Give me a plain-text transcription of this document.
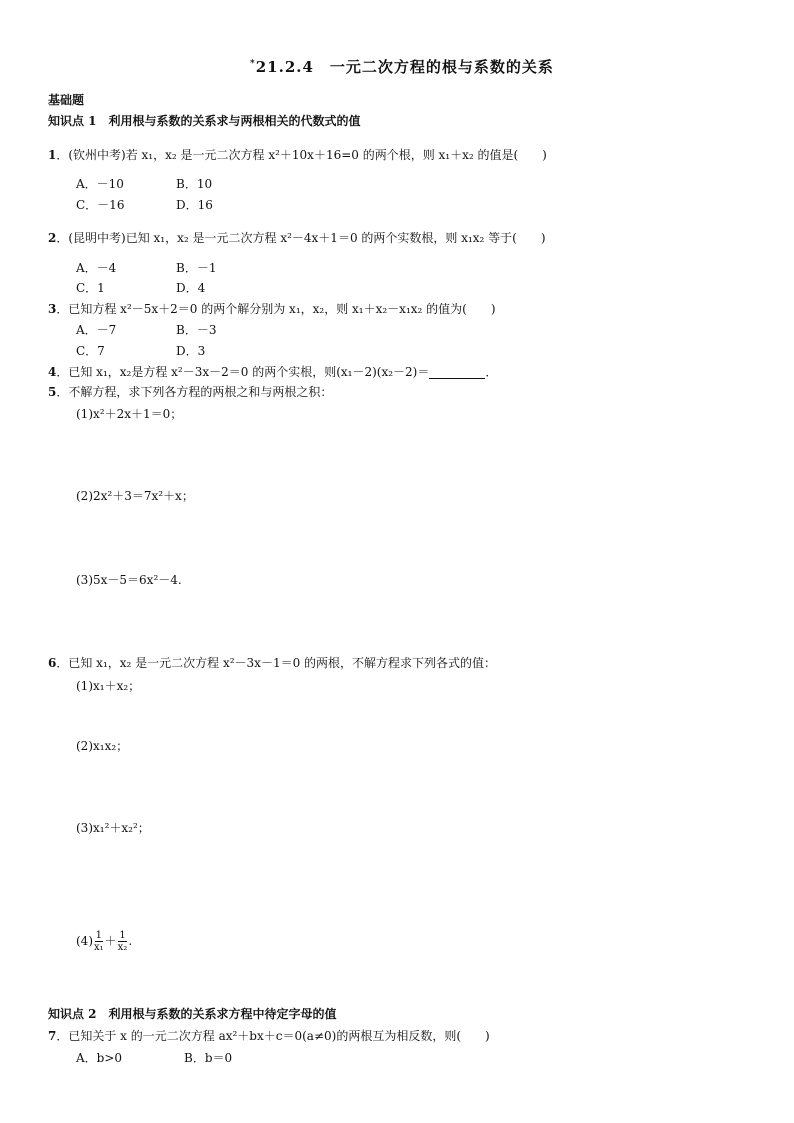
*21.2.4　一元二次方程的根与系数的关系
基础题
知识点 1　利用根与系数的关系求与两根相关的代数式的值
1．(钦州中考)若 x₁，x₂ 是一元二次方程 x²＋10x＋16=0 的两个根，则 x₁＋x₂ 的值是(　　)
A．－10	B．10
C．－16	D．16
2．(昆明中考)已知 x₁，x₂ 是一元二次方程 x²－4x＋1＝0 的两个实数根，则 x₁x₂ 等于(　　)
A．－4	B．－1
C．1	D．4
3．已知方程 x²－5x＋2＝0 的两个解分别为 x₁，x₂，则 x₁＋x₂－x₁x₂ 的值为(　　)
A．－7	B．－3
C．7	D．3
4．已知 x₁，x₂是方程 x²－3x－2＝0 的两个实根，则(x₁－2)(x₂－2)＝	．
5．不解方程，求下列各方程的两根之和与两根之积：
(1)x²＋2x＋1＝0；
(2)2x²＋3＝7x²＋x；
(3)5x－5＝6x²－4.
6．已知 x₁，x₂ 是一元二次方程 x²－3x－1＝0 的两根，不解方程求下列各式的值：
(1)x₁＋x₂；
(2)x₁x₂；
(3)x₁²＋x₂²；
$(4) \frac{1}{\text{x₁}} + \frac{1}{\text{x₂}}$ .
知识点 2　利用根与系数的关系求方程中待定字母的值
7．已知关于 x 的一元二次方程 ax²＋bx＋c＝0(a≠0)的两根互为相反数，则(　　)
A．b>0	B．b＝0
